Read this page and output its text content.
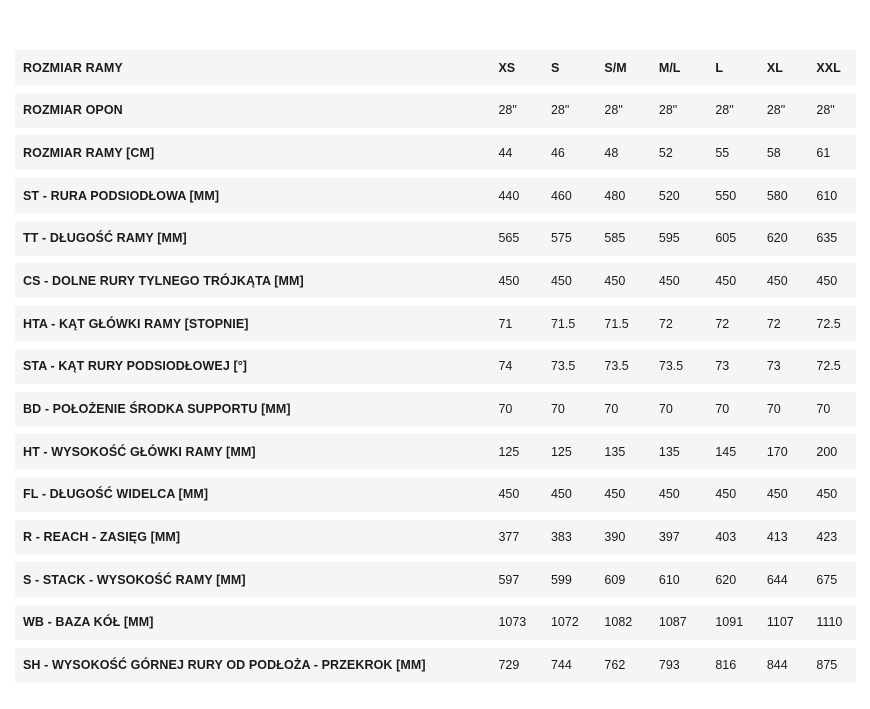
ROZMIAR RAMY	XS	S	S/M	M/L	L	XL	XXL
ROZMIAR OPON	28"	28"	28"	28"	28"	28"	28"
ROZMIAR RAMY [CM]	44	46	48	52	55	58	61
ST - RURA PODSIODŁOWA [MM]	440	460	480	520	550	580	610
TT - DŁUGOŚĆ RAMY [MM]	565	575	585	595	605	620	635
CS - DOLNE RURY TYLNEGO TRÓJKĄTA [MM]	450	450	450	450	450	450	450
HTA - KĄT GŁÓWKI RAMY [STOPNIE]	71	71.5	71.5	72	72	72	72.5
STA - KĄT RURY PODSIODŁOWEJ [°]	74	73.5	73.5	73.5	73	73	72.5
BD - POŁOŻENIE ŚRODKA SUPPORTU [MM]	70	70	70	70	70	70	70
HT - WYSOKOŚĆ GŁÓWKI RAMY [MM]	125	125	135	135	145	170	200
FL - DŁUGOŚĆ WIDELCA [MM]	450	450	450	450	450	450	450
R - REACH - ZASIĘG [MM]	377	383	390	397	403	413	423
S - STACK - WYSOKOŚĆ RAMY [MM]	597	599	609	610	620	644	675
WB - BAZA KÓŁ [MM]	1073	1072	1082	1087	1091	1107	1110
SH - WYSOKOŚĆ GÓRNEJ RURY OD PODŁOŻA - PRZEKROK [MM]	729	744	762	793	816	844	875
